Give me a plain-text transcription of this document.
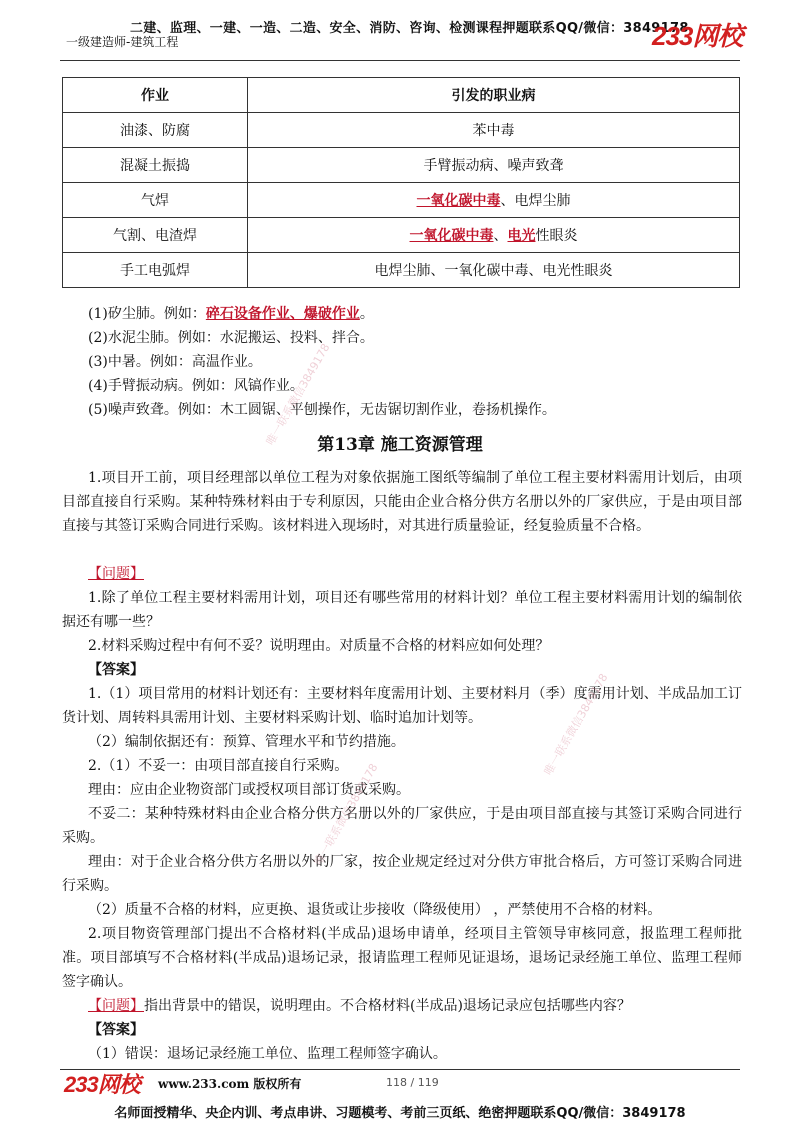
二建、监理、一建、一造、二造、安全、消防、咨询、检测课程押题联系QQ/微信：3849178
一级建造师-建筑工程	233网校
作业	引发的职业病
油漆、防腐	苯中毒
混凝土振捣	手臂振动病、噪声致聋
气焊	一氧化碳中毒、电焊尘肺
气割、电渣焊	一氧化碳中毒、电光性眼炎
手工电弧焊	电焊尘肺、一氧化碳中毒、电光性眼炎
(1)矽尘肺。例如：碎石设备作业、爆破作业。
(2)水泥尘肺。例如：水泥搬运、投料、拌合。
(3)中暑。例如：高温作业。
(4)手臂振动病。例如：风镐作业。
(5)噪声致聋。例如：木工圆锯、平刨操作，无齿锯切割作业，卷扬机操作。
第13章 施工资源管理
1.项目开工前，项目经理部以单位工程为对象依据施工图纸等编制了单位工程主要材料需用计划后，由项目部直接自行采购。某种特殊材料由于专利原因，只能由企业合格分供方名册以外的厂家供应，于是由项目部直接与其签订采购合同进行采购。该材料进入现场时，对其进行质量验证，经复验质量不合格。
【问题】
1.除了单位工程主要材料需用计划，项目还有哪些常用的材料计划？单位工程主要材料需用计划的编制依据还有哪一些？
2.材料采购过程中有何不妥？说明理由。对质量不合格的材料应如何处理？
【答案】
1.（1）项目常用的材料计划还有：主要材料年度需用计划、主要材料月（季）度需用计划、半成品加工订货计划、周转料具需用计划、主要材料采购计划、临时追加计划等。
（2）编制依据还有：预算、管理水平和节约措施。
2.（1）不妥一：由项目部直接自行采购。
理由：应由企业物资部门或授权项目部订货或采购。
不妥二：某种特殊材料由企业合格分供方名册以外的厂家供应，于是由项目部直接与其签订采购合同进行采购。
理由：对于企业合格分供方名册以外的厂家，按企业规定经过对分供方审批合格后，方可签订采购合同进行采购。
（2）质量不合格的材料，应更换、退货或让步接收（降级使用） ，严禁使用不合格的材料。
2.项目物资管理部门提出不合格材料(半成品)退场申请单，经项目主管领导审核同意，报监理工程师批准。项目部填写不合格材料(半成品)退场记录，报请监理工程师见证退场，退场记录经施工单位、监理工程师签字确认。
【问题】指出背景中的错误，说明理由。不合格材料(半成品)退场记录应包括哪些内容？
【答案】
（1）错误：退场记录经施工单位、监理工程师签字确认。
唯一联系微信3849178
唯一联系微信3849178
唯一联系微信3849178
233网校 www.233.com 版权所有	118 / 119
名师面授精华、央企内训、考点串讲、习题模考、考前三页纸、绝密押题联系QQ/微信：3849178
